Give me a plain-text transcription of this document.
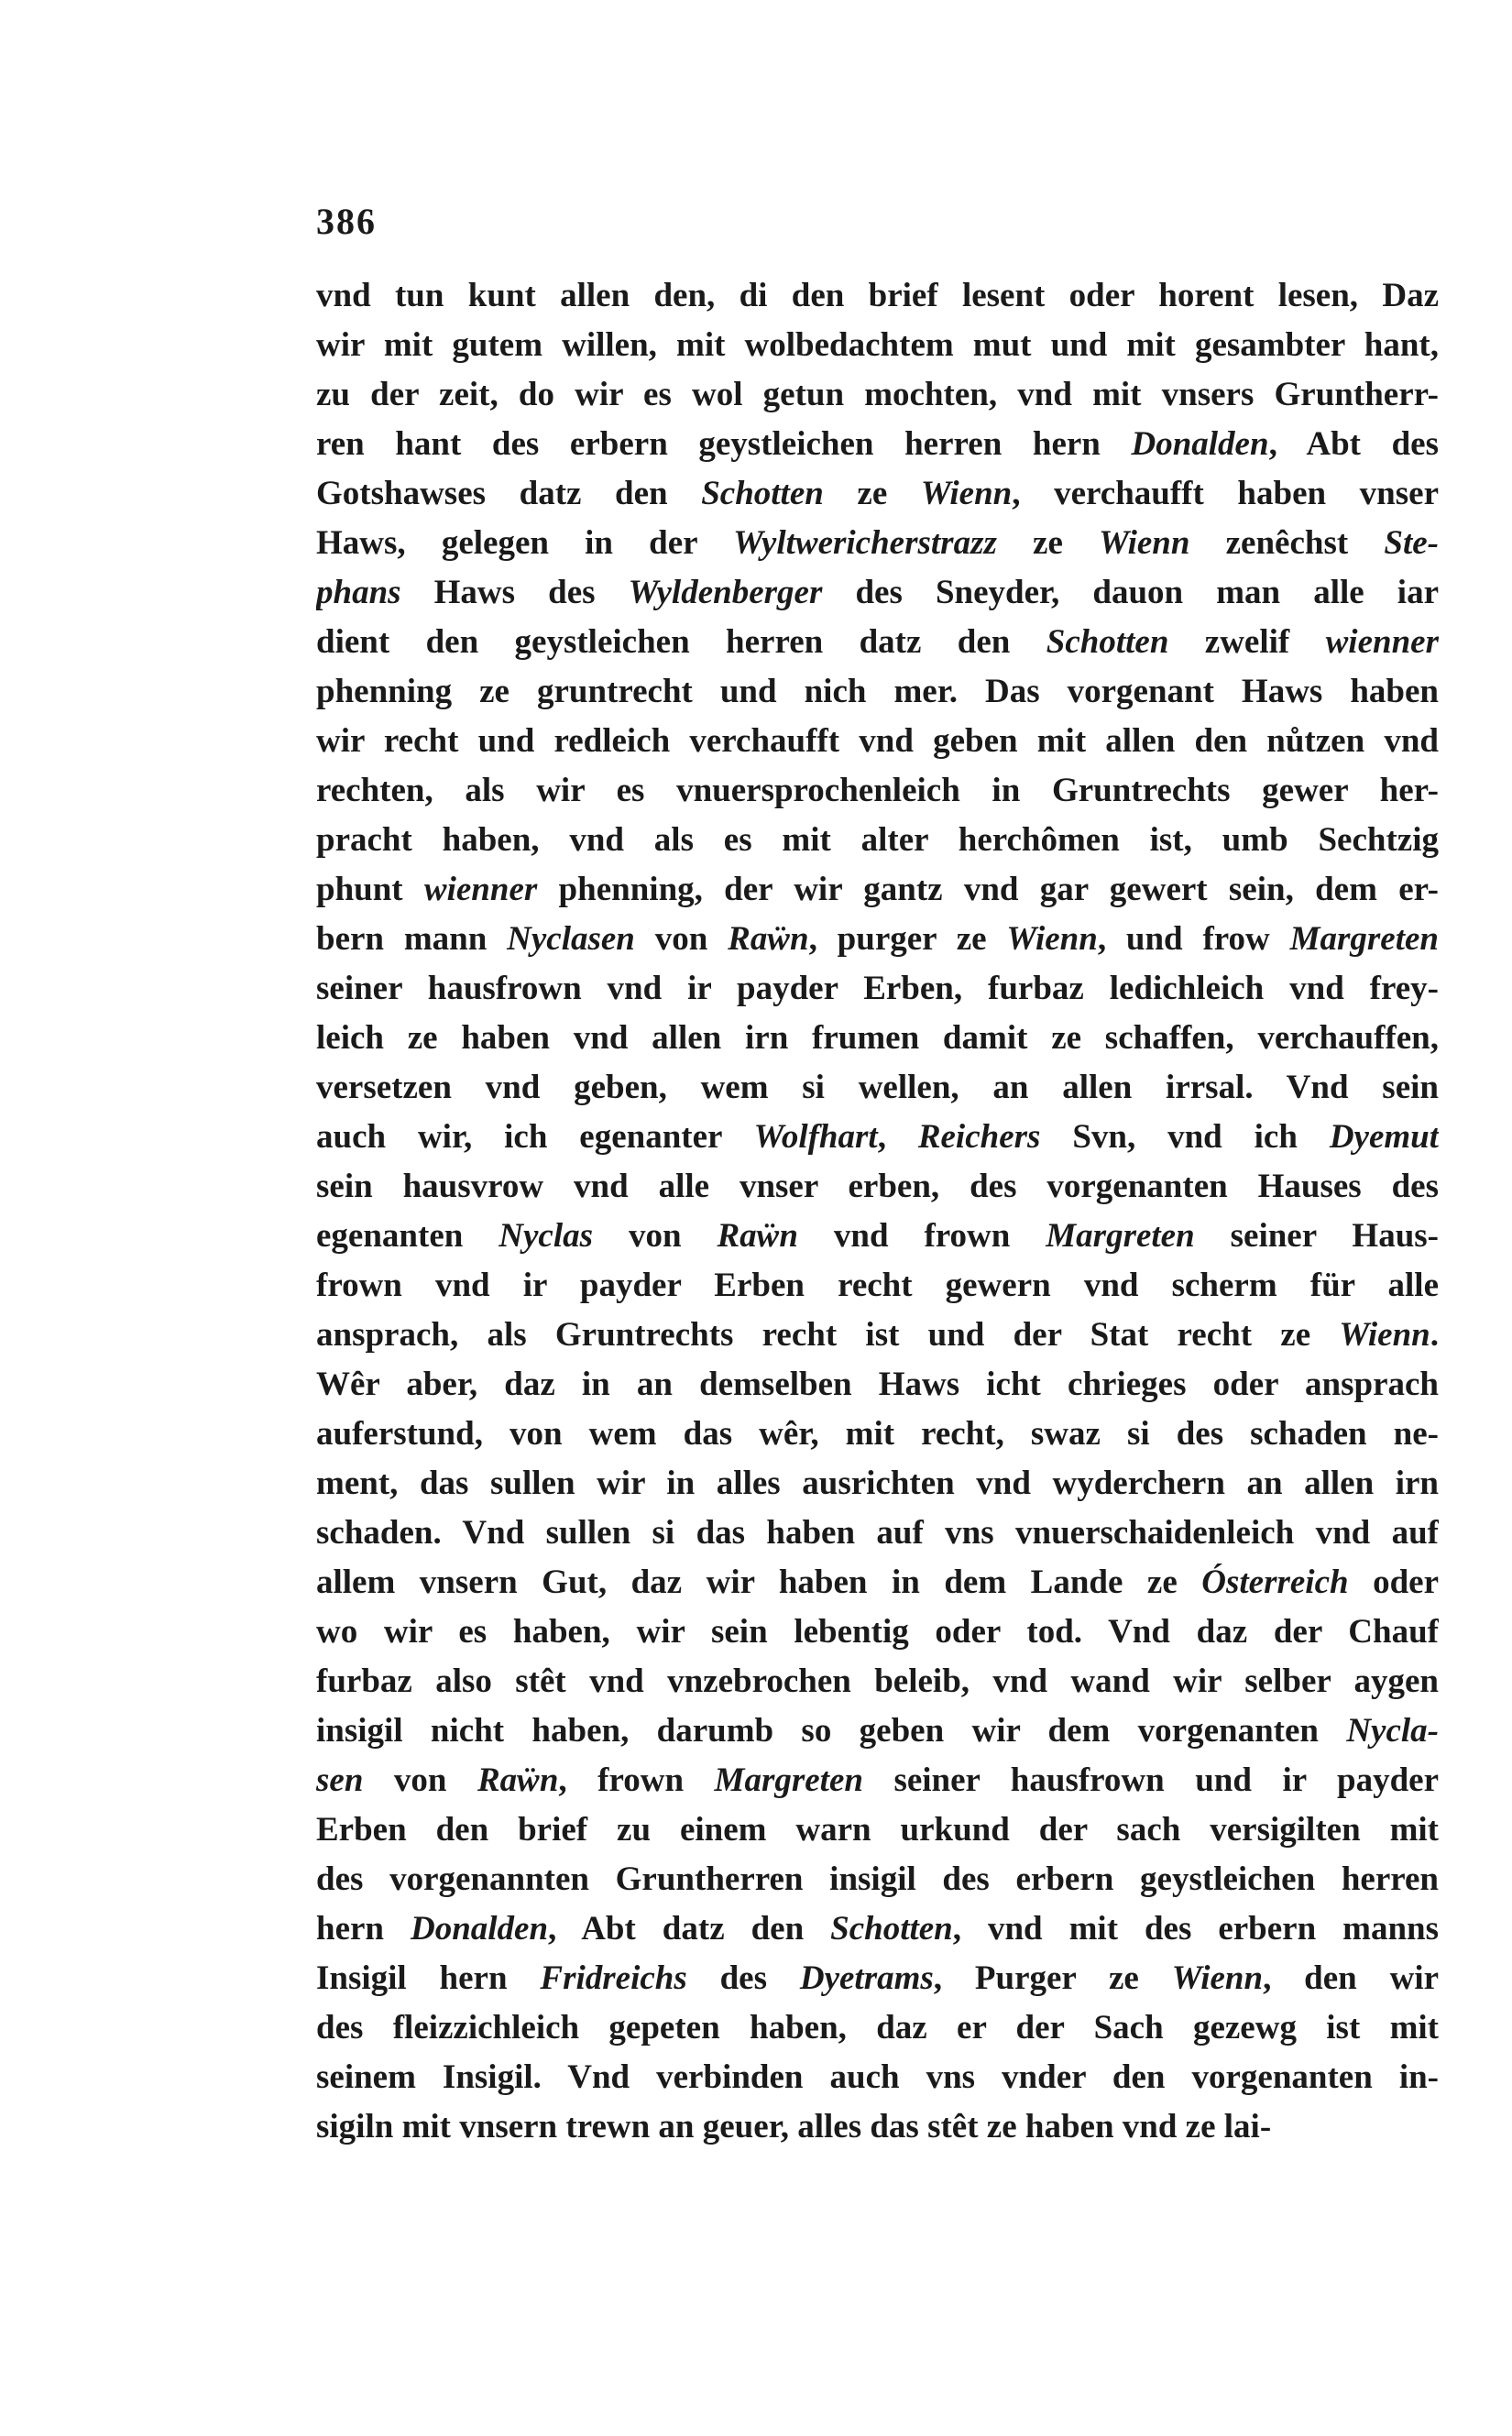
386
vnd tun kunt allen den, di den brief lesent oder horent lesen, Daz
wir mit gutem willen, mit wolbedachtem mut und mit gesambter hant,
zu der zeit, do wir es wol getun mochten, vnd mit vnsers Gruntherr-
ren hant des erbern geystleichen herren hern Donalden, Abt des
Gotshawses datz den Schotten ze Wienn, verchaufft haben vnser
Haws, gelegen in der Wyltwericherstrazz ze Wienn zenêchst Ste-
phans Haws des Wyldenberger des Sneyder, dauon man alle iar
dient den geystleichen herren datz den Schotten zwelif wienner
phenning ze gruntrecht und nich mer. Das vorgenant Haws haben
wir recht und redleich verchaufft vnd geben mit allen den nůtzen vnd
rechten, als wir es vnuersprochenleich in Gruntrechts gewer her-
pracht haben, vnd als es mit alter herchômen ist, umb Sechtzig
phunt wienner phenning, der wir gantz vnd gar gewert sein, dem er-
bern mann Nyclasen von Raẅn, purger ze Wienn, und frow Margreten
seiner hausfrown vnd ir payder Erben, furbaz ledichleich vnd frey-
leich ze haben vnd allen irn frumen damit ze schaffen, verchauffen,
versetzen vnd geben, wem si wellen, an allen irrsal. Vnd sein
auch wir, ich egenanter Wolfhart, Reichers Svn, vnd ich Dyemut
sein hausvrow vnd alle vnser erben, des vorgenanten Hauses des
egenanten Nyclas von Raẅn vnd frown Margreten seiner Haus-
frown vnd ir payder Erben recht gewern vnd scherm für alle
ansprach, als Gruntrechts recht ist und der Stat recht ze Wienn.
Wêr aber, daz in an demselben Haws icht chrieges oder ansprach
auferstund, von wem das wêr, mit recht, swaz si des schaden ne-
ment, das sullen wir in alles ausrichten vnd wyderchern an allen irn
schaden. Vnd sullen si das haben auf vns vnuerschaidenleich vnd auf
allem vnsern Gut, daz wir haben in dem Lande ze Ósterreich oder
wo wir es haben, wir sein lebentig oder tod. Vnd daz der Chauf
furbaz also stêt vnd vnzebrochen beleib, vnd wand wir selber aygen
insigil nicht haben, darumb so geben wir dem vorgenanten Nycla-
sen von Raẅn, frown Margreten seiner hausfrown und ir payder
Erben den brief zu einem warn urkund der sach versigilten mit
des vorgenannten Gruntherren insigil des erbern geystleichen herren
hern Donalden, Abt datz den Schotten, vnd mit des erbern manns
Insigil hern Fridreichs des Dyetrams, Purger ze Wienn, den wir
des fleizzichleich gepeten haben, daz er der Sach gezewg ist mit
seinem Insigil. Vnd verbinden auch vns vnder den vorgenanten in-
sigiln mit vnsern trewn an geuer, alles das stêt ze haben vnd ze lai-
